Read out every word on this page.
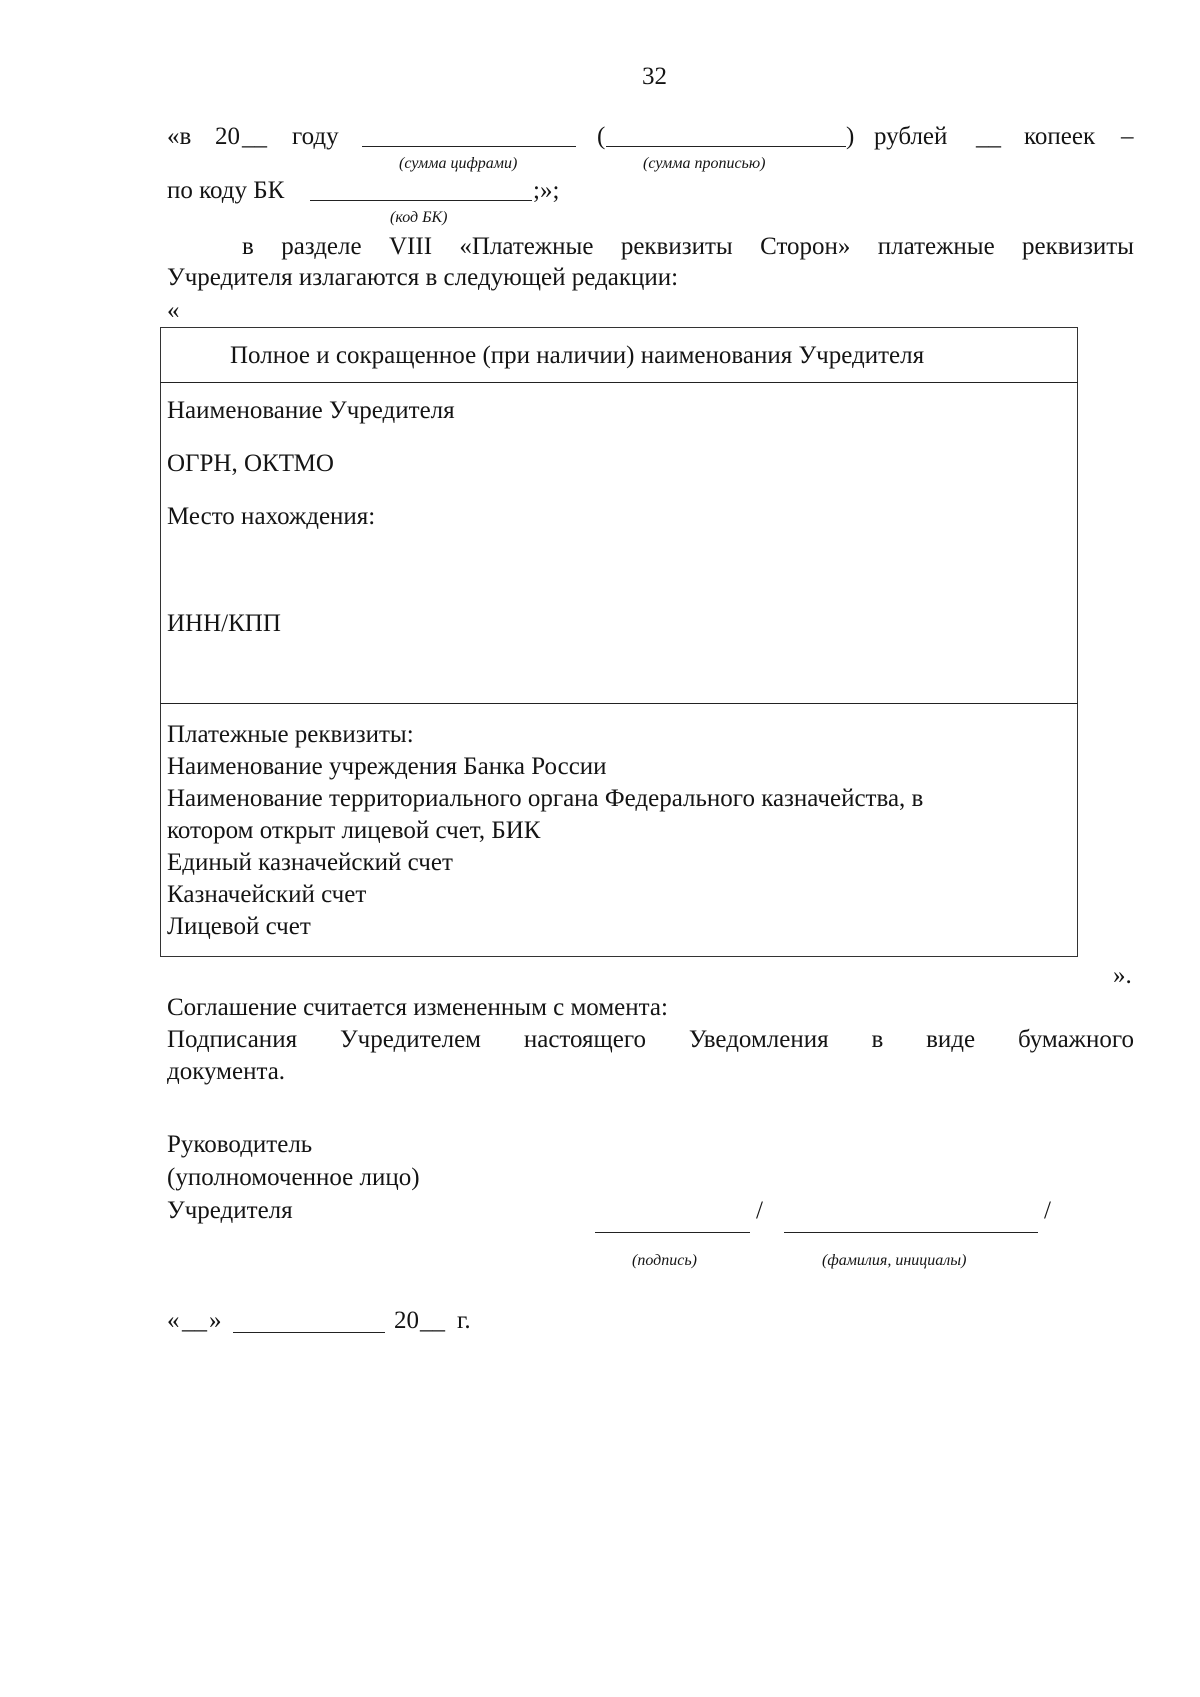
32
«в 20 __ году	(	) рублей __ копеек –
(сумма цифрами)	(сумма прописью)
по коду БК	;»;
(код БК)
в разделе VIII «Платежные реквизиты Сторон» платежные реквизиты
Учредителя излагаются в следующей редакции:
«
Полное и сокращенное (при наличии) наименования Учредителя
Наименование Учредителя
ОГРН, ОКТМО
Место нахождения:
ИНН/КПП
Платежные реквизиты:
Наименование учреждения Банка России
Наименование территориального органа Федерального казначейства, в
котором открыт лицевой счет, БИК
Единый казначейский счет
Казначейский счет
Лицевой счет
».
Соглашение считается измененным с момента:
Подписания Учредителем настоящего Уведомления в виде бумажного
документа.
Руководитель
(уполномоченное лицо)
Учредителя	/	/
(подпись)	(фамилия, инициалы)
« __ »	20 __ г.
